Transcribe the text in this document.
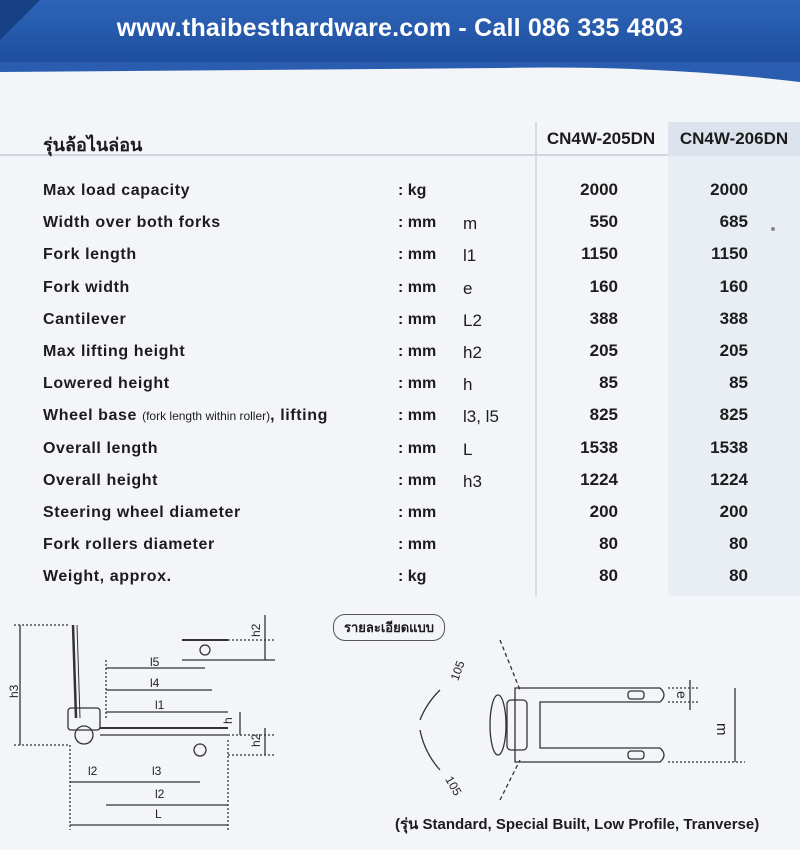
www.thaibesthardware.com - Call 086 335 4803
รุ่นล้อไนล่อน	CN4W-205DN	CN4W-206DN
Max load capacity	: kg	2000	2000
Width over both forks	: mm m	550	685
Fork length	: mm l1	1150	1150
Fork width	: mm e	160	160
Cantilever	: mm L2	388	388
Max lifting height	: mm h2	205	205
Lowered height	: mm h	85	85
Wheel base (fork length within roller), lifting	: mm l3, l5	825	825
Overall length	: mm L	1538	1538
Overall height	: mm h3	1224	1224
Steering wheel diameter	: mm	200	200
Fork rollers diameter	: mm	80	80
Weight, approx.	: kg	80	80
h3
h2
l5
l4
l1
h
h2
l2	l3
l2
L
105
105
e
m
รายละเอียดแบบ
(รุ่น Standard, Special Built, Low Profile, Tranverse)
